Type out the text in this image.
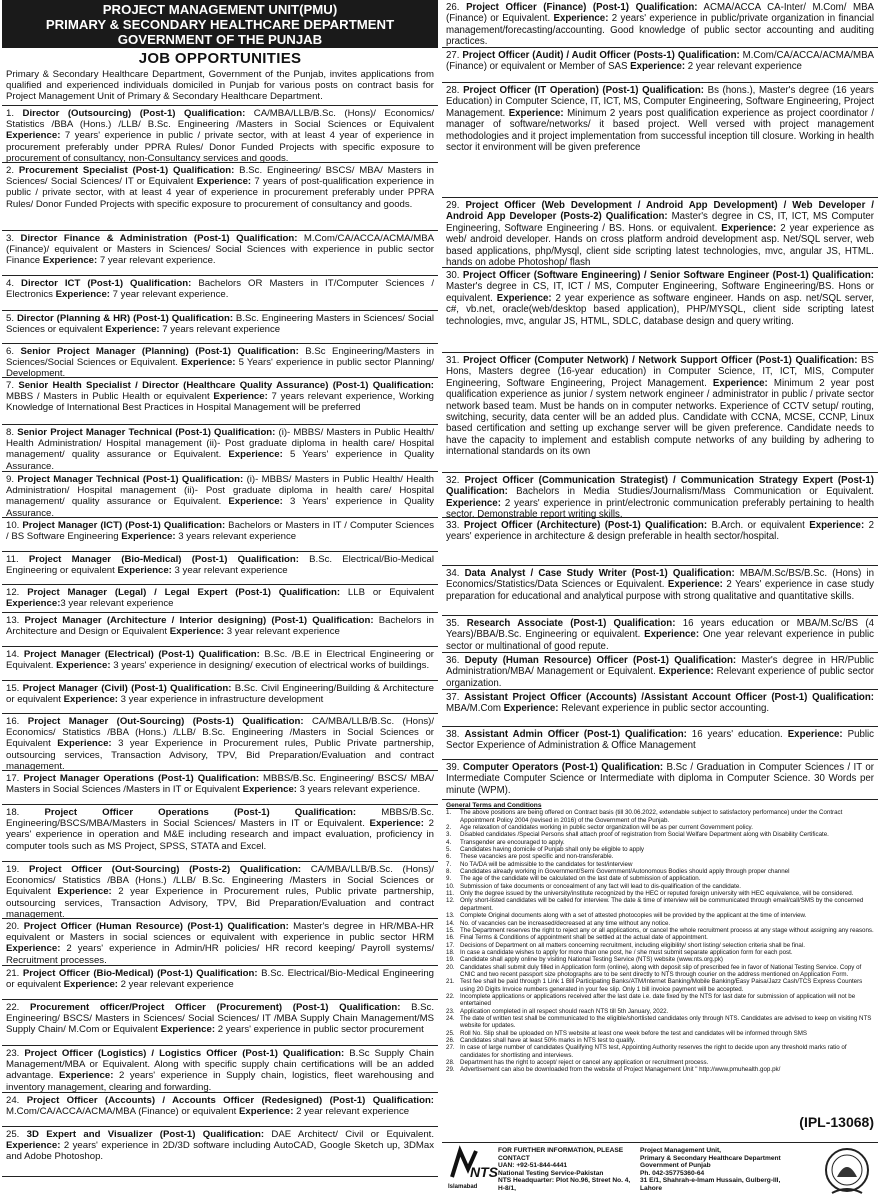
PROJECT MANAGEMENT UNIT(PMU)
PRIMARY & SECONDARY HEALTHCARE DEPARTMENT
GOVERNMENT OF THE PUNJAB
JOB OPPORTUNITIES
Primary & Secondary Healthcare Department, Government of the Punjab, invites applications from qualified and experienced individuals domiciled in Punjab for various posts on contract basis for Project Management Unit of Primary & Secondary Healthcare Department.
1. Director (Outsourcing) (Post-1) Qualification: CA/MBA/LLB/B.Sc. (Hons)/ Economics/ Statistics /BBA (Hons.) /LLB/ B.Sc. Engineering /Masters in Social Sciences or Equivalent Experience: 7 years' experience in public / private sector, with at least 4 year of experience in procurement preferably under PPRA Rules/ Donor Funded Projects with specific exposure to procurement of consultancy, non-Consultancy services and goods.
2. Procurement Specialist (Post-1) Qualification: B.Sc. Engineering/ BSCS/ MBA/ Masters in Sciences/ Social Sciences/ IT or Equivalent Experience: 7 years of post-qualification experience in public / private sector, with at least 4 year of experience in procurement preferably under PPRA Rules/ Donor Funded Projects with specific exposure to procurement of consultancy and goods.
3. Director Finance & Administration (Post-1) Qualification: M.Com/CA/ACCA/ACMA/MBA (Finance)/ equivalent or Masters in Sciences/ Social Sciences with experience in public sector Finance Experience: 7 year relevant experience.
4. Director ICT (Post-1) Qualification: Bachelors OR Masters in IT/Computer Sciences / Electronics Experience: 7 year relevant experience.
5. Director (Planning & HR) (Post-1) Qualification: B.Sc. Engineering Masters in Sciences/ Social Sciences or equivalent Experience: 7 years relevant experience
6. Senior Project Manager (Planning) (Post-1) Qualification: B.Sc Engineering/Masters in Sciences/Social Sciences or Equivalent. Experience: 5 Years' experience in public sector Planning/ Development.
7. Senior Health Specialist / Director (Healthcare Quality Assurance) (Post-1) Qualification: MBBS / Masters in Public Health or equivalent Experience: 7 years relevant experience, Working Knowledge of International Best Practices in Hospital Management will be preferred
8. Senior Project Manager Technical (Post-1) Qualification: (i)- MBBS/ Masters in Public Health/ Health Administration/ Hospital management (ii)- Post graduate diploma in health care/ Hospital management/ quality assurance or Equivalent. Experience: 5 Years' experience in Quality Assurance.
9. Project Manager Technical (Post-1) Qualification: (i)- MBBS/ Masters in Public Health/ Health Administration/ Hospital management (ii)- Post graduate diploma in health care/ Hospital management/ quality assurance or Equivalent. Experience: 3 Years' experience in Quality Assurance.
10. Project Manager (ICT) (Post-1) Qualification: Bachelors or Masters in IT / Computer Sciences / BS Software Engineering Experience: 3 years relevant experience
11. Project Manager (Bio-Medical) (Post-1) Qualification: B.Sc. Electrical/Bio-Medical Engineering or equivalent Experience: 3 year relevant experience
12. Project Manager (Legal) / Legal Expert (Post-1) Qualification: LLB or Equivalent Experience:3 year relevant experience
13. Project Manager (Architecture / Interior designing) (Post-1) Qualification: Bachelors in Architecture and Design or Equivalent Experience: 3 year relevant experience
14. Project Manager (Electrical) (Post-1) Qualification: B.Sc. /B.E in Electrical Engineering or Equivalent. Experience: 3 years' experience in designing/ execution of electrical works of buildings.
15. Project Manager (Civil) (Post-1) Qualification: B.Sc. Civil Engineering/Building & Architecture or equivalent Experience: 3 year experience in infrastructure development
16. Project Manager (Out-Sourcing) (Posts-1) Qualification: CA/MBA/LLB/B.Sc. (Hons)/ Economics/ Statistics /BBA (Hons.) /LLB/ B.Sc. Engineering /Masters in Social Sciences or Equivalent Experience: 3 year Experience in Procurement rules, Public Private partnership, outsourcing services, Transaction Advisory, TPV, Bid Preparation/Evaluation and contract management.
17. Project Manager Operations (Post-1) Qualification: MBBS/B.Sc. Engineering/ BSCS/ MBA/ Masters in Social Sciences /Masters in IT or Equivalent Experience: 3 years relevant experience.
18.	Project Officer Operations (Post-1) Qualification: MBBS/B.Sc. Engineering/BSCS/MBA/Masters in Social Sciences/ Masters in IT or Equivalent. Experience: 2 years' experience in operation and M&E including research and impact evaluation, proficiency in computer tools such as MS Project, SPSS, STATA and Excel.
19. Project Officer (Out-Sourcing) (Posts-2) Qualification: CA/MBA/LLB/B.Sc. (Hons)/ Economics/ Statistics /BBA (Hons.) /LLB/ B.Sc. Engineering /Masters in Social Sciences or Equivalent Experience: 2 year Experience in Procurement rules, Public private partnership, outsourcing services, Transaction Advisory, TPV, Bid Preparation/Evaluation and contract management.
20. Project Officer (Human Resource) (Post-1) Qualification: Master's degree in HR/MBA-HR equivalent or Masters in social sciences or equivalent with experience in public sector HRM Experience: 2 years' experience in Admin/HR policies/ HR record keeping/ Payroll systems/ Recruitment processes.
21. Project Officer (Bio-Medical) (Post-1) Qualification: B.Sc. Electrical/Bio-Medical Engineering or equivalent Experience: 2 year relevant experience
22. Procurement officer/Project Officer (Procurement) (Post-1) Qualification: B.Sc. Engineering/ BSCS/ Masters in Sciences/ Social Sciences/ IT /MBA Supply Chain Management/MS Supply Chain/ M.Com or Equivalent Experience: 2 years' experience in public sector procurement
23. Project Officer (Logistics) / Logistics Officer (Post-1) Qualification: B.Sc Supply Chain Management/MBA or Equivalent. Along with specific supply chain certifications will be an added advantage. Experience: 2 years' experience in Supply chain, logistics, fleet warehousing and inventory management, clearing and forwarding.
24. Project Officer (Accounts) / Accounts Officer (Redesigned) (Post-1) Qualification: M.Com/CA/ACCA/ACMA/MBA (Finance) or equivalent Experience: 2 year relevant experience
25. 3D Expert and Visualizer (Post-1) Qualification: DAE Architect/ Civil or Equivalent. Experience: 2 years' experience in 2D/3D software including AutoCAD, Google Sketch up, 3DMax and Adobe Photoshop.
26. Project Officer (Finance) (Post-1) Qualification: ACMA/ACCA CA-Inter/ M.Com/ MBA (Finance) or Equivalent. Experience: 2 years' experience in public/private organization in financial management/forecasting/accounting. Good knowledge of public sector accounting and auditing practices.
27. Project Officer (Audit) / Audit Officer (Posts-1) Qualification: M.Com/CA/ACCA/ACMA/MBA (Finance) or equivalent or Member of SAS Experience: 2 year relevant experience
28. Project Officer (IT Operation) (Post-1) Qualification: Bs (hons.), Master's degree (16 years Education) in Computer Science, IT, ICT, MS, Computer Engineering, Software Engineering, Project Management. Experience: Minimum 2 years post qualification experience as project coordinator / manager of software/networks/ it based project. Well versed with project management methodologies and it project implementation from successful inception till closure. Working in health sector it environment will be given preference
29. Project Officer (Web Development / Android App Development) / Web Developer / Android App Developer (Posts-2) Qualification: Master's degree in CS, IT, ICT, MS Computer Engineering, Software Engineering / BS. Hons. or equivalent. Experience: 2 year experience as web/ android developer. Hands on cross platform android development asp. Net/SQL server, web based applications, php/Mysql, client side scripting latest technologies, mvc, angular JS, HTML. hands on adobe Photoshop/ flash
30. Project Officer (Software Engineering) / Senior Software Engineer (Post-1) Qualification: Master's degree in CS, IT, ICT / MS, Computer Engineering, Software Engineering/BS. Hons or equivalent. Experience: 2 year experience as software engineer. Hands on asp. net/SQL server, c#, vb.net, oracle(web/desktop based application), PHP/MYSQL, client side scripting latest technologies, mvc, angular JS, HTML, SDLC, database design and query writing.
31. Project Officer (Computer Network) / Network Support Officer (Post-1) Qualification: BS Hons, Masters degree (16-year education) in Computer Science, IT, ICT, MIS, Computer Engineering, Software Engineering, Project Management. Experience: Minimum 2 year post qualification experience as junior / system network engineer / administrator in public / private sector network based team. Must be hands on in computer networks. Experience of CCTV setup/ routing, switching, security, data center will be an added plus. Candidate with CCNA, MCSE, CCNP, Linux based certification and setting up exchange server will be given preference. Candidate needs to have the capacity to implement and establish compute networks of any building by adhering to international standards on its own
32. Project Officer (Communication Strategist) / Communication Strategy Expert (Post-1) Qualification: Bachelors in Media Studies/Journalism/Mass Communication or Equivalent. Experience: 2 years' experience in print/electronic communication preferably pertaining to health sector. Demonstrable report writing skills.
33. Project Officer (Architecture) (Post-1) Qualification: B.Arch. or equivalent Experience: 2 years' experience in architecture & design preferable in health sector/hospital.
34. Data Analyst / Case Study Writer (Post-1) Qualification: MBA/M.Sc/BS/B.Sc. (Hons) in Economics/Statistics/Data Sciences or Equivalent. Experience: 2 Years' experience in case study preparation for educational and analytical purpose with strong qualitative and quantitative skills.
35. Research Associate (Post-1) Qualification: 16 years education or MBA/M.Sc/BS (4 Years)/BBA/B.Sc. Engineering or equivalent. Experience: One year relevant experience in public sector or multinational of good repute.
36. Deputy (Human Resource) Officer (Post-1) Qualification: Master's degree in HR/Public Administration/MBA/ Management or Equivalent. Experience: Relevant experience of public sector organization.
37. Assistant Project Officer (Accounts) /Assistant Account Officer (Post-1) Qualification: MBA/M.Com Experience: Relevant experience in public sector accounting.
38. Assistant Admin Officer (Post-1) Qualification: 16 years' education. Experience: Public Sector Experience of Administration & Office Management
39. Computer Operators (Post-1) Qualification: B.Sc / Graduation in Computer Sciences / IT or Intermediate Computer Science or Intermediate with diploma in Computer Science. 30 Words per minute (WPM).
General Terms and Conditions
1.	The above positions are being offered on Contract basis (till 30.06.2022, extendable subject to satisfactory performance) under the Contract Appointment Policy 2004 (revised in 2016) of the Government of the Punjab.
2.	Age relaxation of candidates working in public sector organization will be as per current Government policy.
3.	Disabled candidates /Special Persons shall attach proof of registration from Social Welfare Department along with Disability Certificate.
4.	Transgender are encouraged to apply.
5.	Candidates having domicile of Punjab shall only be eligible to apply
6.	These vacancies are post specific and non-transferable.
7.	No TA/DA will be admissible to the candidates for test/interview
8.	Candidates already working in Government/Semi Government/Autonomous Bodies should apply through proper channel
9.	The age of the candidate will be calculated on the last date of submission of application.
10. Submission of fake documents or concealment of any fact will lead to dis-qualification of the candidate.
11. Only the degree issued by the university/institute recognized by the HEC or reputed foreign university with HEC equivalence, will be considered.
12. Only short-listed candidates will be called for interview. The date & time of interview will be communicated through email/call/SMS by the concerned department.
13. Complete Original documents along with a set of attested photocopies will be provided by the applicant at the time of interview.
14. No. of vacancies can be increased/decreased at any time without any notice.
15. The Department reserves the right to reject any or all applications, or cancel the whole recruitment process at any stage without assigning any reasons.
16. Final Terms & Conditions of appointment shall be settled at the actual date of appointment.
17. Decisions of Department on all matters concerning recruitment, including eligibility/ short listing/ selection criteria shall be final.
18. In case a candidate wishes to apply for more than one post, he / she must submit separate application form for each post.
19. Candidate shall apply online by visiting National Testing Service (NTS) website (www.nts.org.pk)
20. Candidates shall submit duly filled in Application form (online), along with deposit slip of prescribed fee in favor of National Testing Service. Copy of CNIC and two recent passport size photographs are to be sent directly to NTS through courier on the address mentioned on Application Form.
21. Test fee shall be paid through 1 Link 1 Bill Participating Banks/ATM/Internet Banking/Mobile Banking/Easy Paisa/Jazz Cash/TCS Express Counters using 20 Digits Invoice numbers generated in your fee slip. Only 1 bill invoice payment will be accepted.
22. Incomplete applications or applications received after the last date i.e. date fixed by the NTS for last date for submission of application will not be entertained
23. Application completed in all respect should reach NTS till 5th January, 2022.
24. The date of written test shall be communicated to the eligible/shortlisted candidates only through NTS. Candidates are advised to keep on visiting NTS website for updates.
25. Roll No. Slip shall be uploaded on NTS website at least one week before the test and candidates will be informed through SMS
26. Candidates shall have at least 50% marks in NTS test to qualify.
27. In case of large number of candidates Qualifying NTS test, Appointing Authority reserves the right to decide upon any threshold marks ratio of candidates for shortlisting and interviews.
28. Department has the right to accept/ reject or cancel any application or recruitment process.
29. Advertisement can also be downloaded from the website of Project Management Unit " http://www.pmuhealth.gop.pk/
(IPL-13068)
NTS
Islamabad
FOR FURTHER INFORMATION, PLEASE CONTACT
UAN: +92-51-844-4441
National Testing Service-Pakistan
NTS Headquarter: Plot No.96, Street No. 4, H-8/1,
Project Management Unit,
Primary & Secondary Healthcare Department
Government of Punjab
Ph. 042-35775360-64
31 E/1, Shahrah-e-Imam Hussain, Gulberg-III,
Lahore
